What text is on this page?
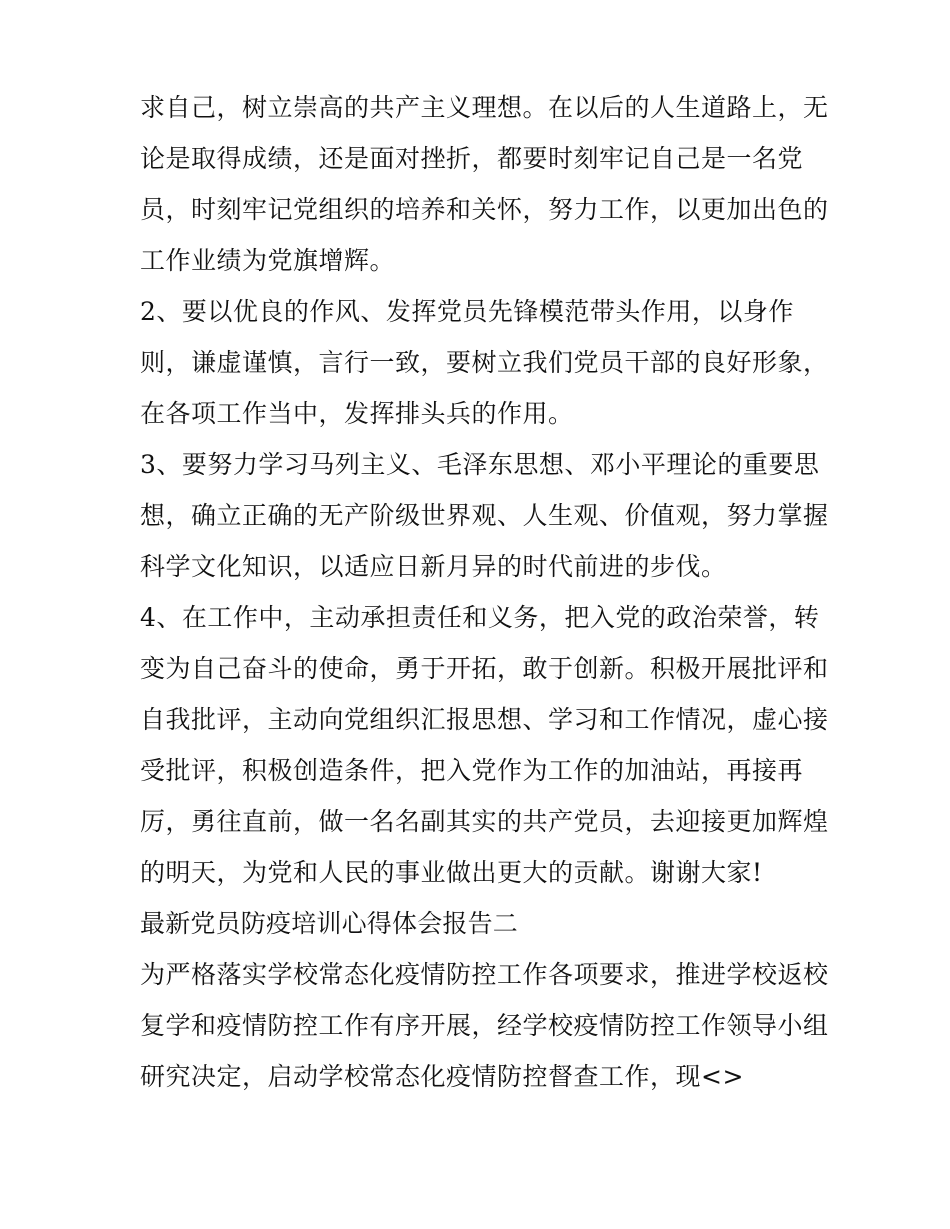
求自己，树立崇高的共产主义理想。在以后的人生道路上，无
论是取得成绩，还是面对挫折，都要时刻牢记自己是一名党
员，时刻牢记党组织的培养和关怀，努力工作，以更加出色的
工作业绩为党旗增辉。
2、要以优良的作风、发挥党员先锋模范带头作用，以身作
则，谦虚谨慎，言行一致，要树立我们党员干部的良好形象，
在各项工作当中，发挥排头兵的作用。
3、要努力学习马列主义、毛泽东思想、邓小平理论的重要思
想，确立正确的无产阶级世界观、人生观、价值观，努力掌握
科学文化知识，以适应日新月异的时代前进的步伐。
4、在工作中，主动承担责任和义务，把入党的政治荣誉，转
变为自己奋斗的使命，勇于开拓，敢于创新。积极开展批评和
自我批评，主动向党组织汇报思想、学习和工作情况，虚心接
受批评，积极创造条件，把入党作为工作的加油站，再接再
厉，勇往直前，做一名名副其实的共产党员，去迎接更加辉煌
的明天，为党和人民的事业做出更大的贡献。谢谢大家!
最新党员防疫培训心得体会报告二
为严格落实学校常态化疫情防控工作各项要求，推进学校返校
复学和疫情防控工作有序开展，经学校疫情防控工作领导小组
研究决定，启动学校常态化疫情防控督查工作，现<>
